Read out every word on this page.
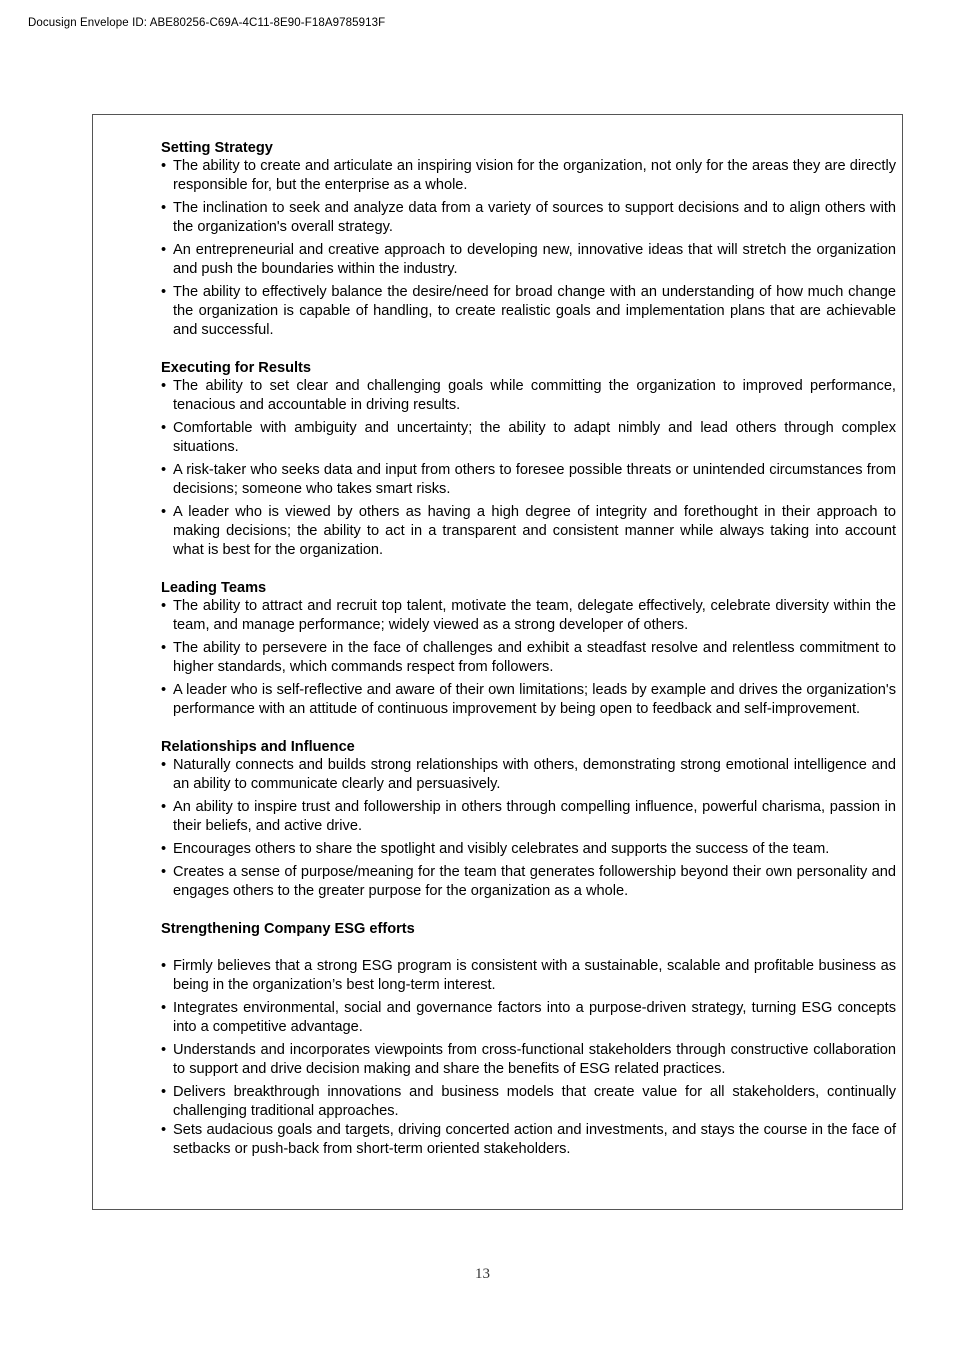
Docusign Envelope ID: ABE80256-C69A-4C11-8E90-F18A9785913F

Setting Strategy

• The ability to create and articulate an inspiring vision for the organization, not only for the areas they are directly responsible for, but the enterprise as a whole.
• The inclination to seek and analyze data from a variety of sources to support decisions and to align others with the organization's overall strategy.
• An entrepreneurial and creative approach to developing new, innovative ideas that will stretch the organization and push the boundaries within the industry.
• The ability to effectively balance the desire/need for broad change with an understanding of how much change the organization is capable of handling, to create realistic goals and implementation plans that are achievable and successful.

Executing for Results

• The ability to set clear and challenging goals while committing the organization to improved performance, tenacious and accountable in driving results.
• Comfortable with ambiguity and uncertainty; the ability to adapt nimbly and lead others through complex situations.
• A risk-taker who seeks data and input from others to foresee possible threats or unintended circumstances from decisions; someone who takes smart risks.
• A leader who is viewed by others as having a high degree of integrity and forethought in their approach to making decisions; the ability to act in a transparent and consistent manner while always taking into account what is best for the organization.

Leading Teams

• The ability to attract and recruit top talent, motivate the team, delegate effectively, celebrate diversity within the team, and manage performance; widely viewed as a strong developer of others.
• The ability to persevere in the face of challenges and exhibit a steadfast resolve and relentless commitment to higher standards, which commands respect from followers.
• A leader who is self-reflective and aware of their own limitations; leads by example and drives the organization's performance with an attitude of continuous improvement by being open to feedback and self-improvement.

Relationships and Influence

• Naturally connects and builds strong relationships with others, demonstrating strong emotional intelligence and an ability to communicate clearly and persuasively.
• An ability to inspire trust and followership in others through compelling influence, powerful charisma, passion in their beliefs, and active drive.
• Encourages others to share the spotlight and visibly celebrates and supports the success of the team.
• Creates a sense of purpose/meaning for the team that generates followership beyond their own personality and engages others to the greater purpose for the organization as a whole.

Strengthening Company ESG efforts

• Firmly believes that a strong ESG program is consistent with a sustainable, scalable and profitable business as being in the organization’s best long-term interest.
• Integrates environmental, social and governance factors into a purpose-driven strategy, turning ESG concepts into a competitive advantage.
• Understands and incorporates viewpoints from cross-functional stakeholders through constructive collaboration to support and drive decision making and share the benefits of ESG related practices.
• Delivers breakthrough innovations and business models that create value for all stakeholders, continually challenging traditional approaches.
• Sets audacious goals and targets, driving concerted action and investments, and stays the course in the face of setbacks or push-back from short-term oriented stakeholders.
13
